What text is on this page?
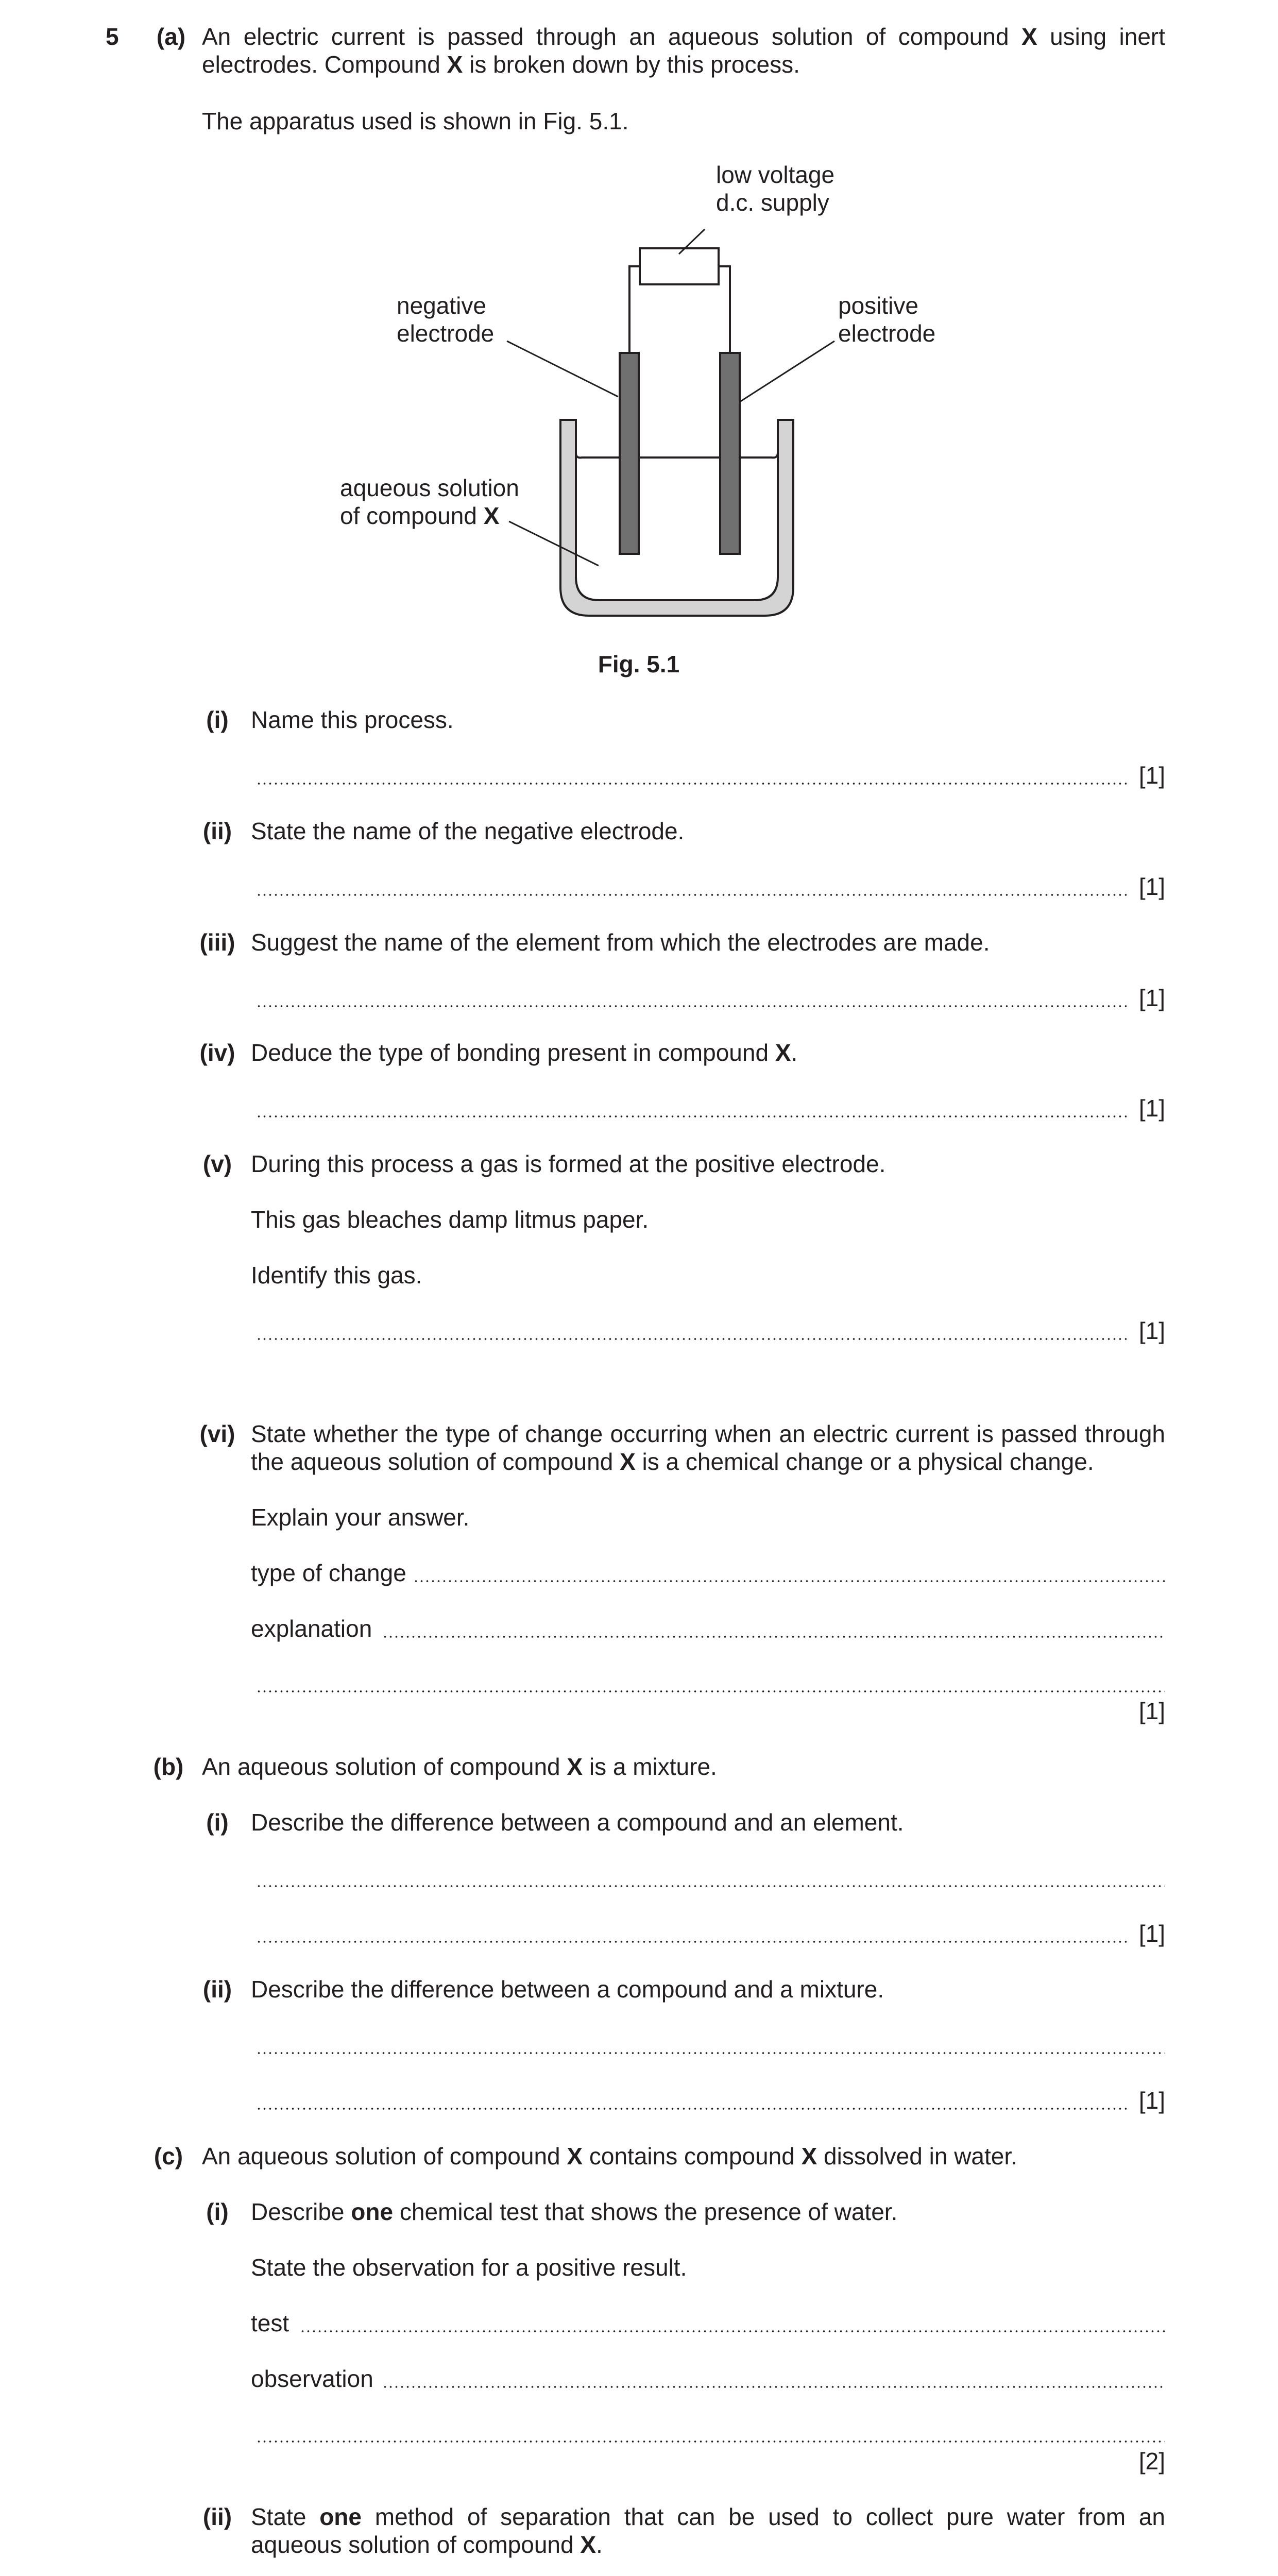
5 (a) An electric current is passed through an aqueous solution of compound X using inert electrodes. Compound X is broken down by this process.
The apparatus used is shown in Fig. 5.1.
low voltage
d.c. supply
negative
electrode
positive
electrode
aqueous solution
of compound X
Fig. 5.1
(i) Name this process.
[1]
(ii) State the name of the negative electrode.
[1]
(iii) Suggest the name of the element from which the electrodes are made.
[1]
(iv) Deduce the type of bonding present in compound X.
[1]
(v) During this process a gas is formed at the positive electrode.
This gas bleaches damp litmus paper.
Identify this gas.
[1]
(vi) State whether the type of change occurring when an electric current is passed through the aqueous solution of compound X is a chemical change or a physical change.
Explain your answer.
type of change
explanation
[1]
(b) An aqueous solution of compound X is a mixture.
(i) Describe the difference between a compound and an element.
[1]
(ii) Describe the difference between a compound and a mixture.
[1]
(c) An aqueous solution of compound X contains compound X dissolved in water.
(i) Describe one chemical test that shows the presence of water.
State the observation for a positive result.
test
observation
[2]
(ii) State one method of separation that can be used to collect pure water from an aqueous solution of compound X.
